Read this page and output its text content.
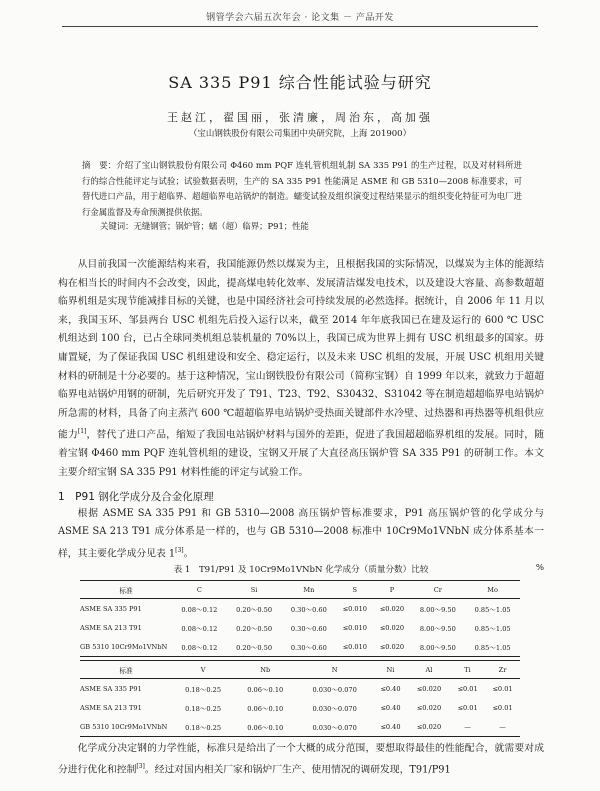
钢管学会六届五次年会 · 论文集 － 产品开发
SA 335 P91 综合性能试验与研究
王赵江，翟国丽，张清廉，周治东，高加强
（宝山钢铁股份有限公司集团中央研究院，上海 201900）
摘　要：介绍了宝山钢铁股份有限公司 Φ460 mm PQF 连轧管机组轧制 SA 335 P91 的生产过程，以及对材料所进行的综合性能评定与试验；试验数据表明，生产的 SA 335 P91 性能满足 ASME 和 GB 5310—2008 标准要求，可替代进口产品，用于超临界、超超临界电站锅炉的制造。蠕变试验及组织演变过程结果显示的组织变化特征可为电厂进行金属监督及寿命预测提供依据。
关键词：无缝钢管；锅炉管；蠕（超）临界；P91；性能

从目前我国一次能源结构来看，我国能源仍然以煤炭为主，且根据我国的实际情况，以煤炭为主体的能源结构在相当长的时间内不会改变，因此，提高煤电转化效率、发展清洁煤发电技术，以及建设大容量、高参数超超临界机组是实现节能减排目标的关键，也是中国经济社会可持续发展的必然选择。据统计，自 2006 年 11 月以来，我国玉环、邹县两台 USC 机组先后投入运行以来，截至 2014 年年底我国已在建及运行的 600 ℃ USC 机组达到 100 台，已占全球同类机组总装机量的 70%以上，我国已成为世界上拥有 USC 机组最多的国家。毋庸置疑，为了保证我国 USC 机组建设和安全、稳定运行，以及未来 USC 机组的发展，开展 USC 机组用关键材料的研制是十分必要的。基于这种情况，宝山钢铁股份有限公司（简称宝钢）自 1999 年以来，就致力于超超临界电站锅炉用钢的研制，先后研究开发了 T91、T23、T92、S30432、S31042 等在制造超超临界电站锅炉所急需的材料，具备了向主蒸汽 600 ℃超超临界电站锅炉受热面关键部件水冷壁、过热器和再热器等机组供应能力[1]，替代了进口产品，缩短了我国电站锅炉材料与国外的差距，促进了我国超超临界机组的发展。同时，随着宝钢 Φ460 mm PQF 连轧管机组的建设，宝钢又开展了大直径高压锅炉管 SA 335 P91 的研制工作。本文主要介绍宝钢 SA 335 P91 材料性能的评定与试验工作。

1　P91 钢化学成分及合金化原理

根据 ASME SA 335 P91 和 GB 5310—2008 高压锅炉管标准要求，P91 高压锅炉管的化学成分与 ASME SA 213 T91 成分体系是一样的，也与 GB 5310—2008 标准中 10Cr9Mo1VNbN 成分体系基本一样，其主要化学成分见表 1[3]。

表 1　T91/P91 及 10Cr9Mo1VNbN 化学成分（质量分数）比较	%
标准	C	Si	Mn	S	P	Cr	Mo
ASME SA 335 P91	0.08～0.12	0.20～0.50	0.30～0.60	≤0.010	≤0.020	8.00～9.50	0.85～1.05
ASME SA 213 T91	0.08～0.12	0.20～0.50	0.30～0.60	≤0.010	≤0.020	8.00～9.50	0.85～1.05
GB 5310 10Cr9Mo1VNbN	0.08～0.12	0.20～0.50	0.30～0.60	≤0.010	≤0.020	8.00～9.50	0.85～1.05
标准	V	Nb	N	Ni	Al	Ti	Zr
ASME SA 335 P91	0.18～0.25	0.06～0.10	0.030～0.070	≤0.40	≤0.020	≤0.01	≤0.01
ASME SA 213 T91	0.18～0.25	0.06～0.10	0.030～0.070	≤0.40	≤0.020	≤0.01	≤0.01
GB 5310 10Cr9Mo1VNbN	0.18～0.25	0.06～0.10	0.030～0.070	≤0.40	≤0.020	—	—

化学成分决定钢的力学性能，标准只是给出了一个大概的成分范围，要想取得最佳的性能配合，就需要对成分进行优化和控制[3]。经过对国内相关厂家和锅炉厂生产、使用情况的调研发现，T91/P91
